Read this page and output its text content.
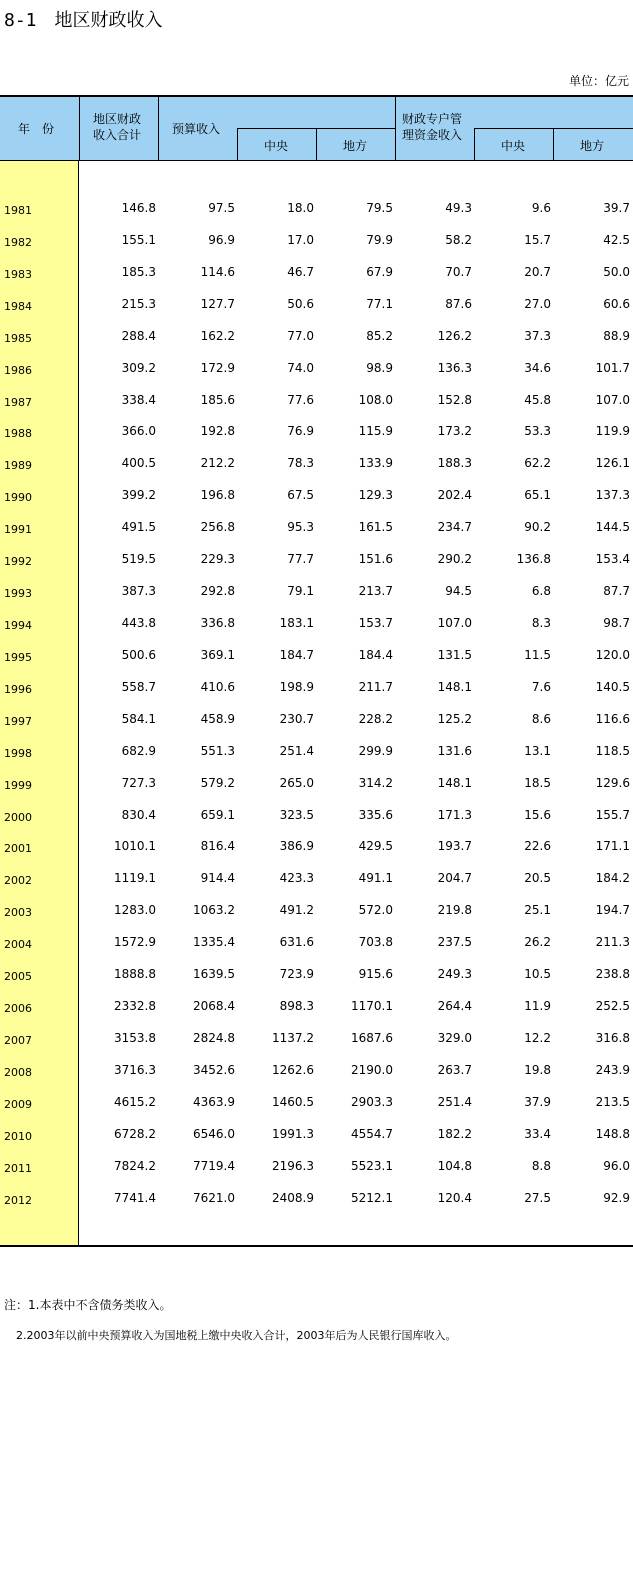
8-1 地区财政收入
单位：亿元
年　份
地区财政
收入合计	预算收入
中央	地方
财政专户管
理资金收入
中央	地方
1981	146.8	97.5	18.0	79.5	49.3	9.6	39.7
1982	155.1	96.9	17.0	79.9	58.2	15.7	42.5
1983	185.3	114.6	46.7	67.9	70.7	20.7	50.0
1984	215.3	127.7	50.6	77.1	87.6	27.0	60.6
1985	288.4	162.2	77.0	85.2	126.2	37.3	88.9
1986	309.2	172.9	74.0	98.9	136.3	34.6	101.7
1987	338.4	185.6	77.6	108.0	152.8	45.8	107.0
1988	366.0	192.8	76.9	115.9	173.2	53.3	119.9
1989	400.5	212.2	78.3	133.9	188.3	62.2	126.1
1990	399.2	196.8	67.5	129.3	202.4	65.1	137.3
1991	491.5	256.8	95.3	161.5	234.7	90.2	144.5
1992	519.5	229.3	77.7	151.6	290.2	136.8	153.4
1993	387.3	292.8	79.1	213.7	94.5	6.8	87.7
1994	443.8	336.8	183.1	153.7	107.0	8.3	98.7
1995	500.6	369.1	184.7	184.4	131.5	11.5	120.0
1996	558.7	410.6	198.9	211.7	148.1	7.6	140.5
1997	584.1	458.9	230.7	228.2	125.2	8.6	116.6
1998	682.9	551.3	251.4	299.9	131.6	13.1	118.5
1999	727.3	579.2	265.0	314.2	148.1	18.5	129.6
2000	830.4	659.1	323.5	335.6	171.3	15.6	155.7
2001	1010.1	816.4	386.9	429.5	193.7	22.6	171.1
2002	1119.1	914.4	423.3	491.1	204.7	20.5	184.2
2003	1283.0	1063.2	491.2	572.0	219.8	25.1	194.7
2004	1572.9	1335.4	631.6	703.8	237.5	26.2	211.3
2005	1888.8	1639.5	723.9	915.6	249.3	10.5	238.8
2006	2332.8	2068.4	898.3	1170.1	264.4	11.9	252.5
2007	3153.8	2824.8	1137.2	1687.6	329.0	12.2	316.8
2008	3716.3	3452.6	1262.6	2190.0	263.7	19.8	243.9
2009	4615.2	4363.9	1460.5	2903.3	251.4	37.9	213.5
2010	6728.2	6546.0	1991.3	4554.7	182.2	33.4	148.8
2011	7824.2	7719.4	2196.3	5523.1	104.8	8.8	96.0
2012	7741.4	7621.0	2408.9	5212.1	120.4	27.5	92.9
注：1.本表中不含债务类收入。
2.2003年以前中央预算收入为国地税上缴中央收入合计，2003年后为人民银行国库收入。
